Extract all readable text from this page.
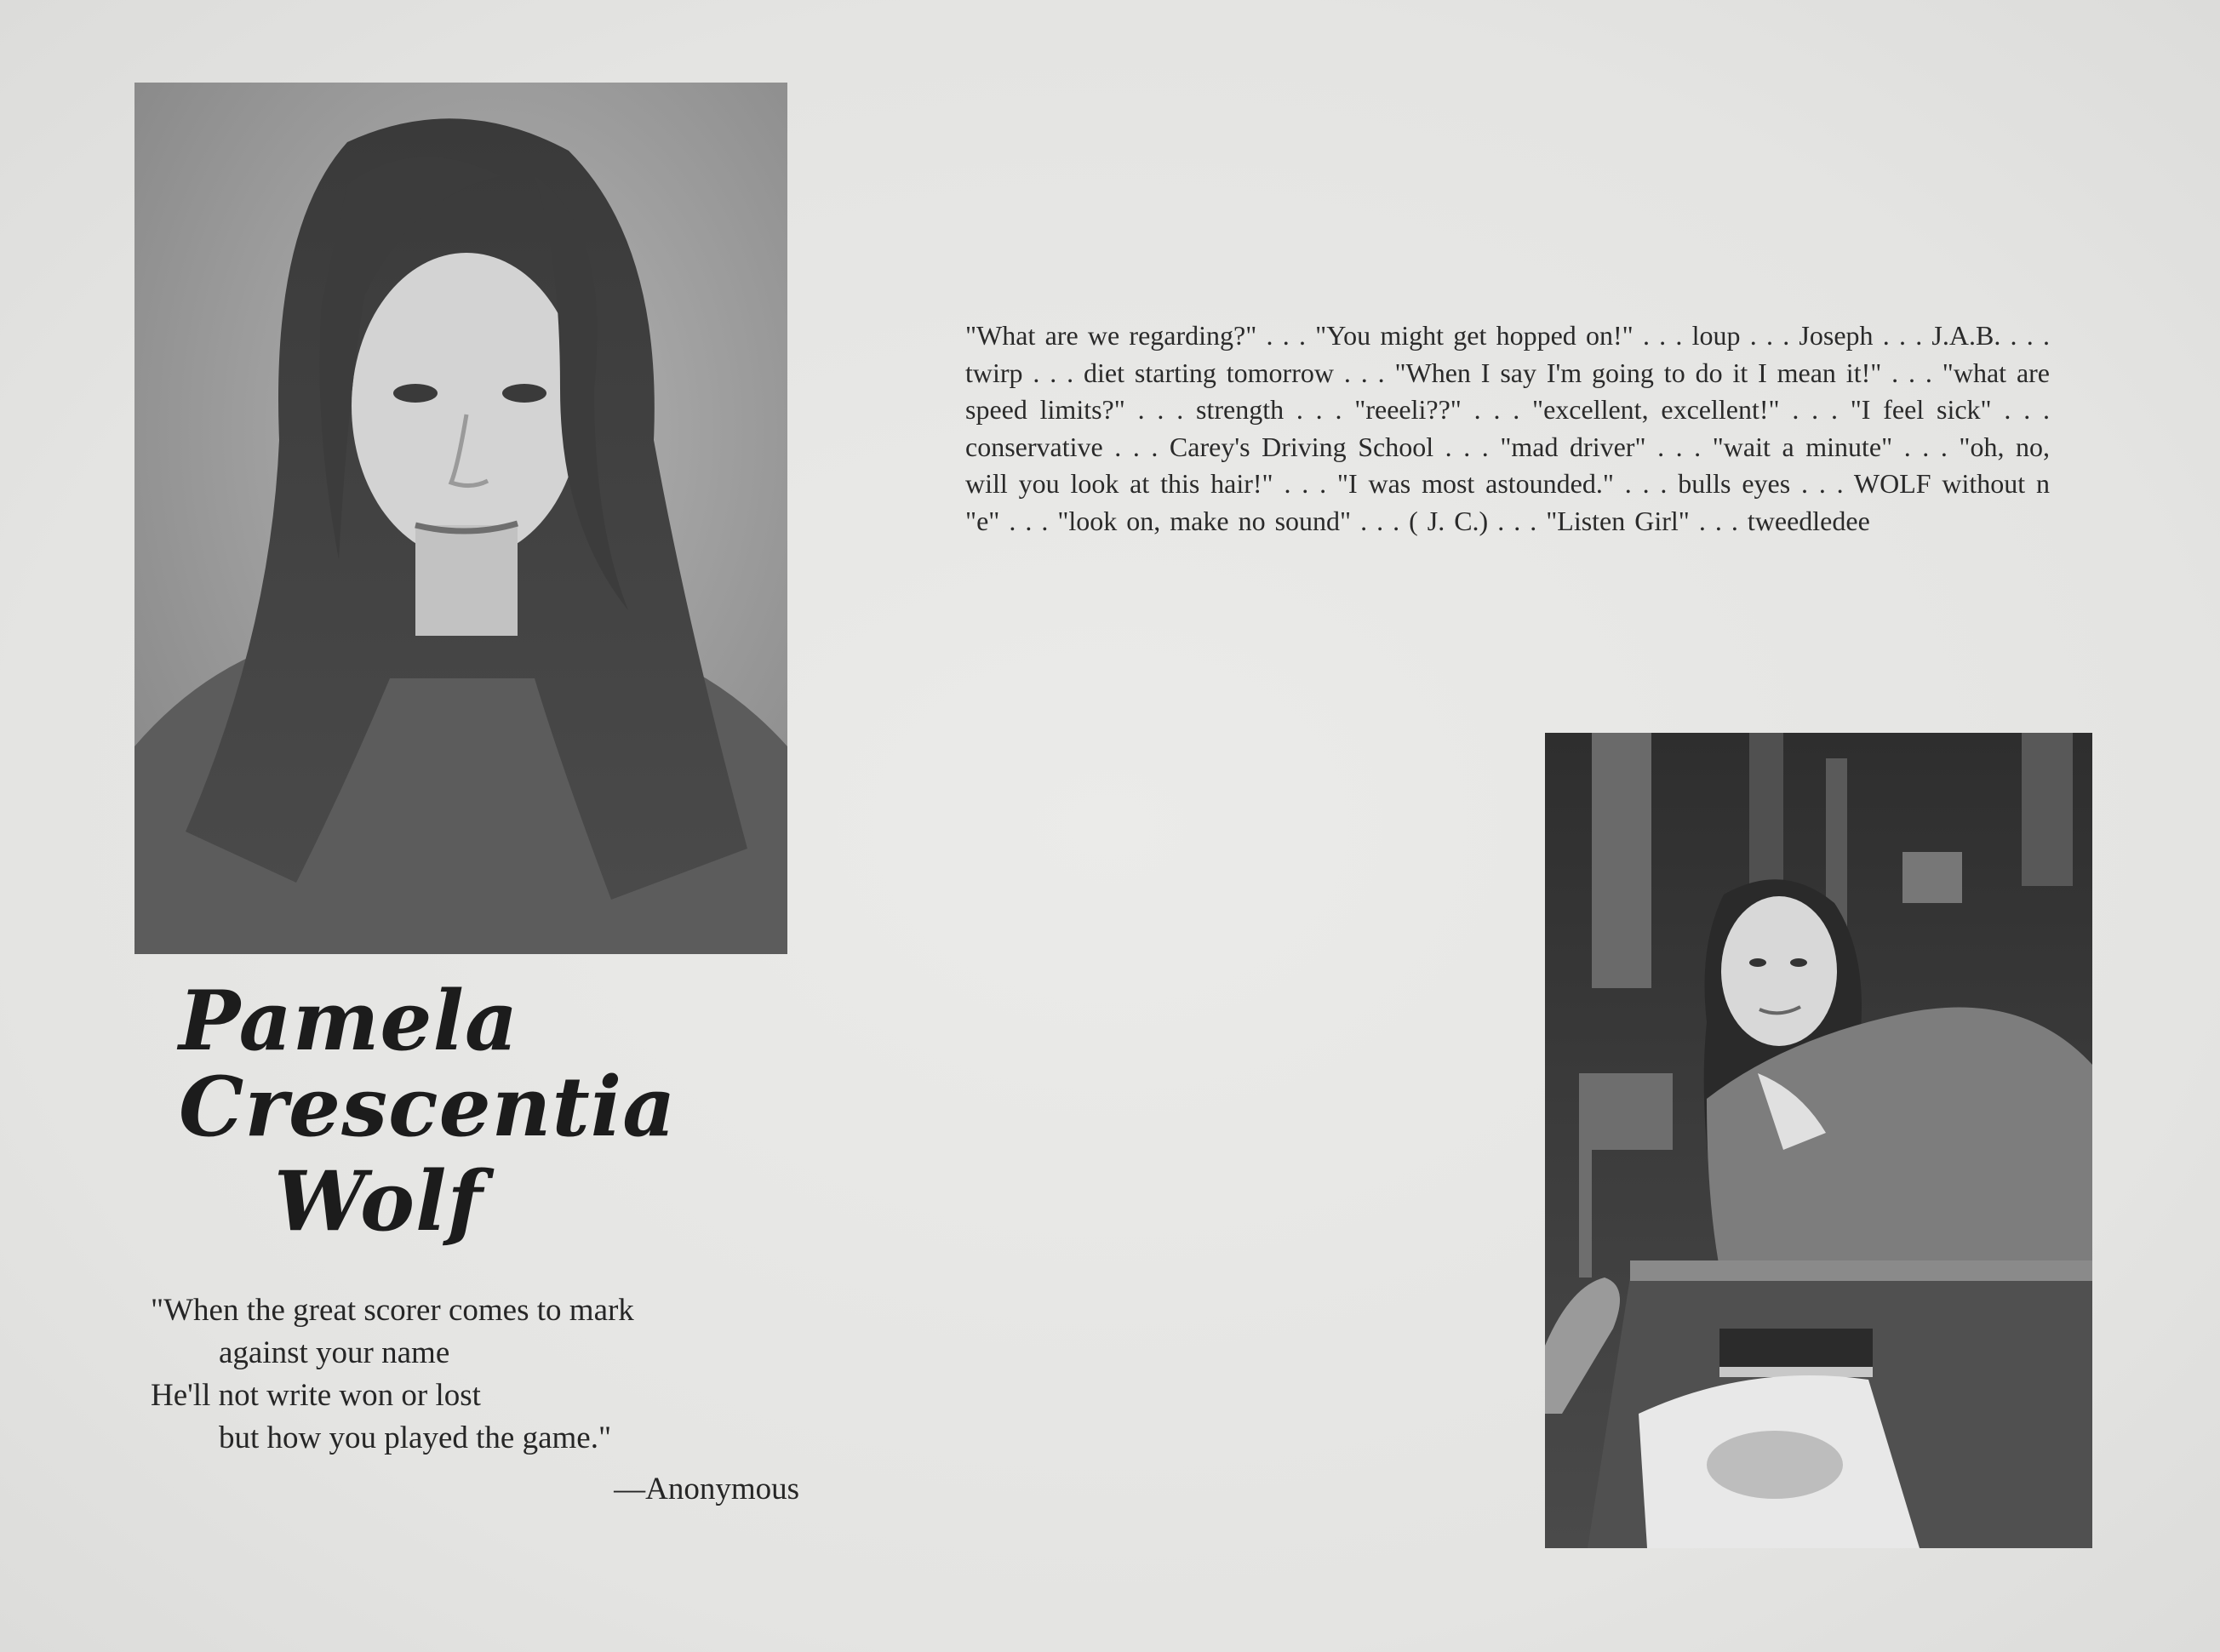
Pamela Crescentia
Wolf
"When the great scorer comes to mark
against your name
He'll not write won or lost
but how you played the game."
—Anonymous
"What are we regarding?" . . . "You might get hopped on!" . . . loup . . . Joseph . . . J.A.B. . . . twirp . . . diet starting tomorrow . . . "When I say I'm going to do it I mean it!" . . . "what are speed limits?" . . . strength . . . "reeeli??" . . . "excellent, excellent!" . . . "I feel sick" . . . conservative . . . Carey's Driving School . . . "mad driver" . . . "wait a minute" . . . "oh, no, will you look at this hair!" . . . "I was most astounded." . . . bulls eyes . . . WOLF without n "e" . . . "look on, make no sound" . . . ( J. C.) . . . "Listen Girl" . . . tweedledee
